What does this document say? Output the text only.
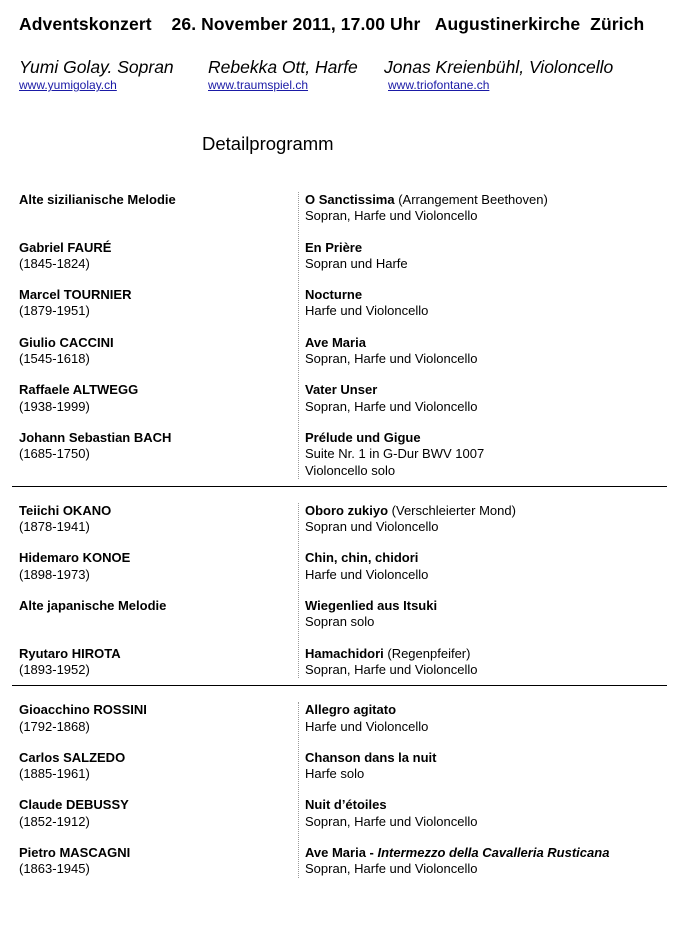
Adventskonzert 26. November 2011, 17.00 Uhr Augustinerkirche  Zürich
Yumi Golay. Sopran
www.yumigolay.ch
Rebekka Ott, Harfe
www.traumspiel.ch
Jonas Kreienbühl, Violoncello
www.triofontane.ch
Detailprogramm
Alte sizilianische Melodie	O Sanctissima (Arrangement Beethoven)
Sopran, Harfe und Violoncello
Gabriel FAURÉ
(1845-1824)
En Prière
Sopran und Harfe
Marcel TOURNIER
(1879-1951)
Nocturne
Harfe und Violoncello
Giulio CACCINI
(1545-1618)
Ave Maria
Sopran, Harfe und Violoncello
Raffaele ALTWEGG
(1938-1999)
Vater Unser
Sopran, Harfe und Violoncello
Johann Sebastian BACH
(1685-1750)
Prélude und Gigue
Suite Nr. 1 in G-Dur BWV 1007
Violoncello solo
Teiichi OKANO
(1878-1941)
Oboro zukiyo (Verschleierter Mond)
Sopran und Violoncello
Hidemaro KONOE
(1898-1973)
Chin, chin, chidori
Harfe und Violoncello
Alte japanische Melodie	Wiegenlied aus Itsuki
Sopran solo
Ryutaro HIROTA
(1893-1952)
Hamachidori (Regenpfeifer)
Sopran, Harfe und Violoncello
Gioacchino ROSSINI
(1792-1868)
Allegro agitato
Harfe und Violoncello
Carlos SALZEDO
(1885-1961)
Chanson dans la nuit
Harfe solo
Claude DEBUSSY
(1852-1912)
Nuit d’étoiles
Sopran, Harfe und Violoncello
Pietro MASCAGNI
(1863-1945)
Ave Maria - Intermezzo della Cavalleria Rusticana
Sopran, Harfe und Violoncello
